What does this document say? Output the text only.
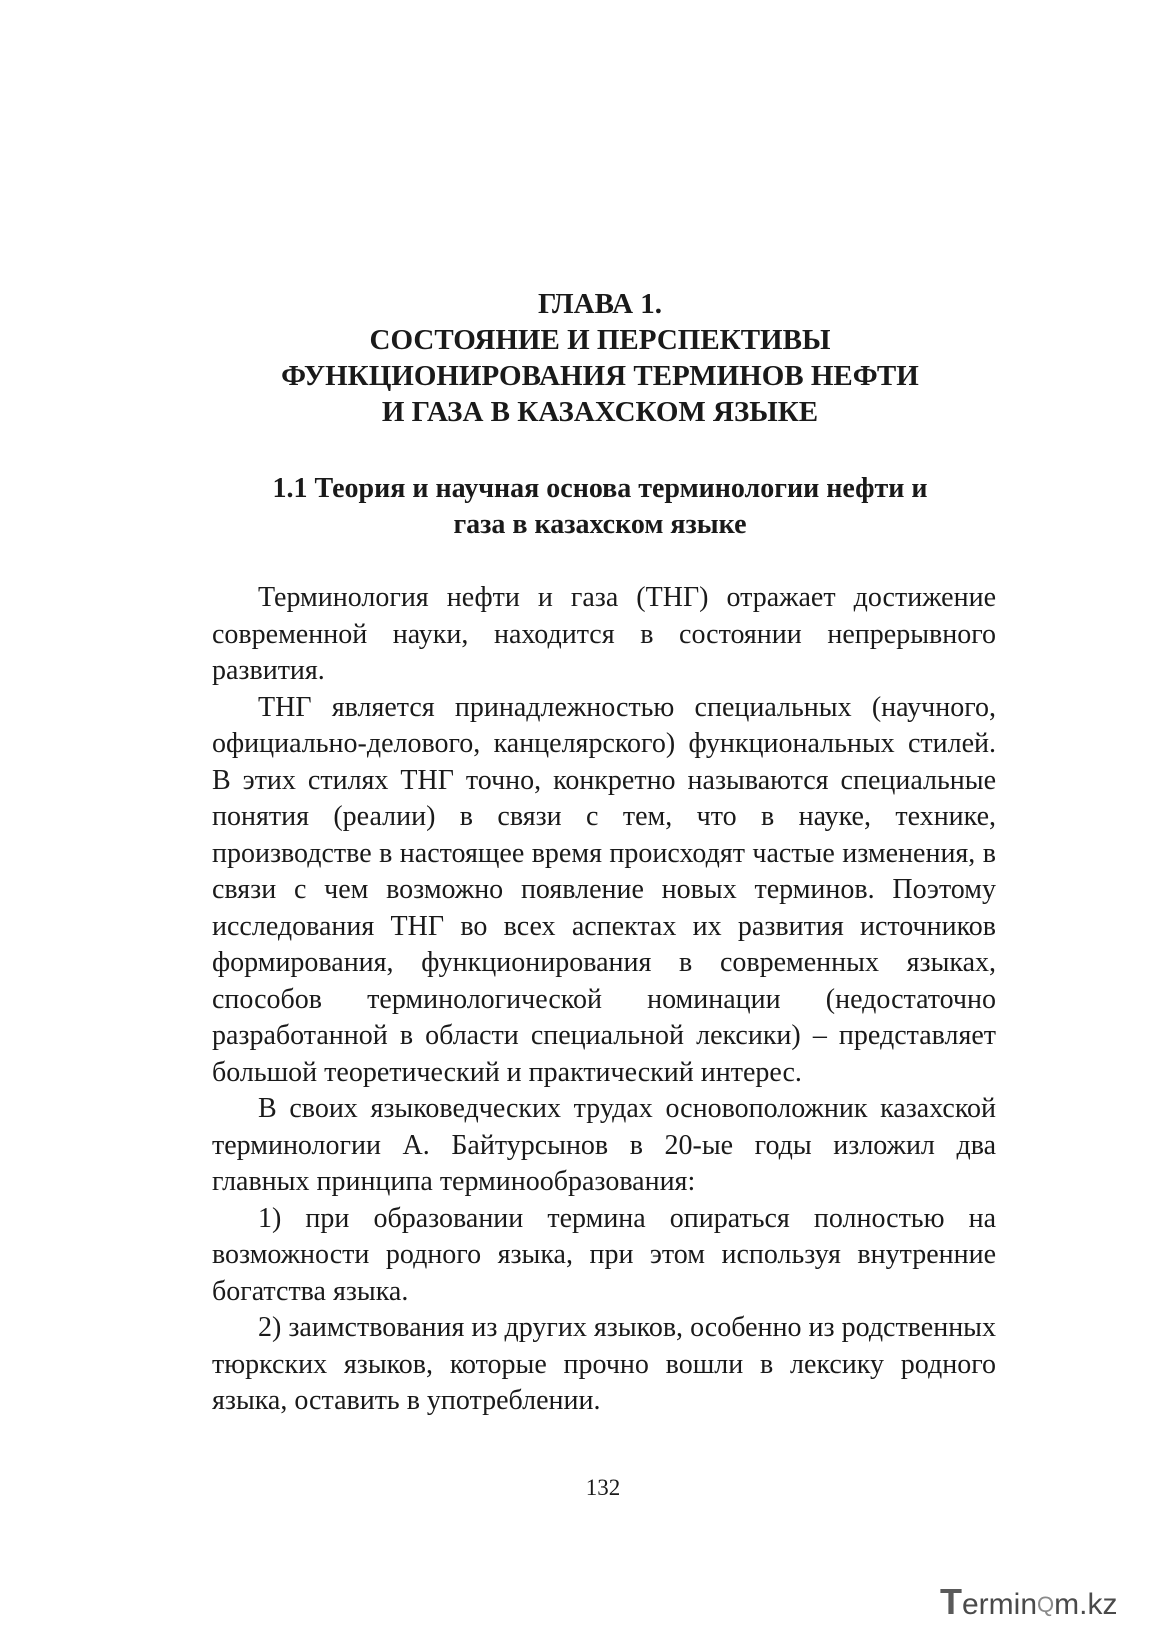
ГЛАВА 1.
СОСТОЯНИЕ И ПЕРСПЕКТИВЫ
ФУНКЦИОНИРОВАНИЯ ТЕРМИНОВ НЕФТИ
И ГАЗА В КАЗАХСКОМ ЯЗЫКЕ
1.1 Теория и научная основа терминологии нефти и
газа в казахском языке

Терминология нефти и газа (ТНГ) отражает достижение современной науки, находится в состоянии непрерывного развития.

ТНГ является принадлежностью специальных (научного, официально-делового, канцелярского) функциональных стилей. В этих стилях ТНГ точно, конкретно называются специальные понятия (реалии) в связи с тем, что в науке, технике, производстве в настоящее время происходят частые изменения, в связи с чем возможно появление новых терминов. Поэтому исследования ТНГ во всех аспектах их развития источников формирования, функционирования в современных языках, способов терминологической номинации (недостаточно разработанной в области специальной лексики) – представляет большой теоретический и практический интерес.

В своих языковедческих трудах основоположник казахской терминологии А. Байтурсынов в 20-ые годы изложил два главных принципа терминообразования:

1) при образовании термина опираться полностью на возможности родного языка, при этом используя внутренние богатства языка.

2) заимствования из других языков, особенно из родственных тюркских языков, которые прочно вошли в лексику родного языка, оставить в употреблении.

132
TerminQm.kz
